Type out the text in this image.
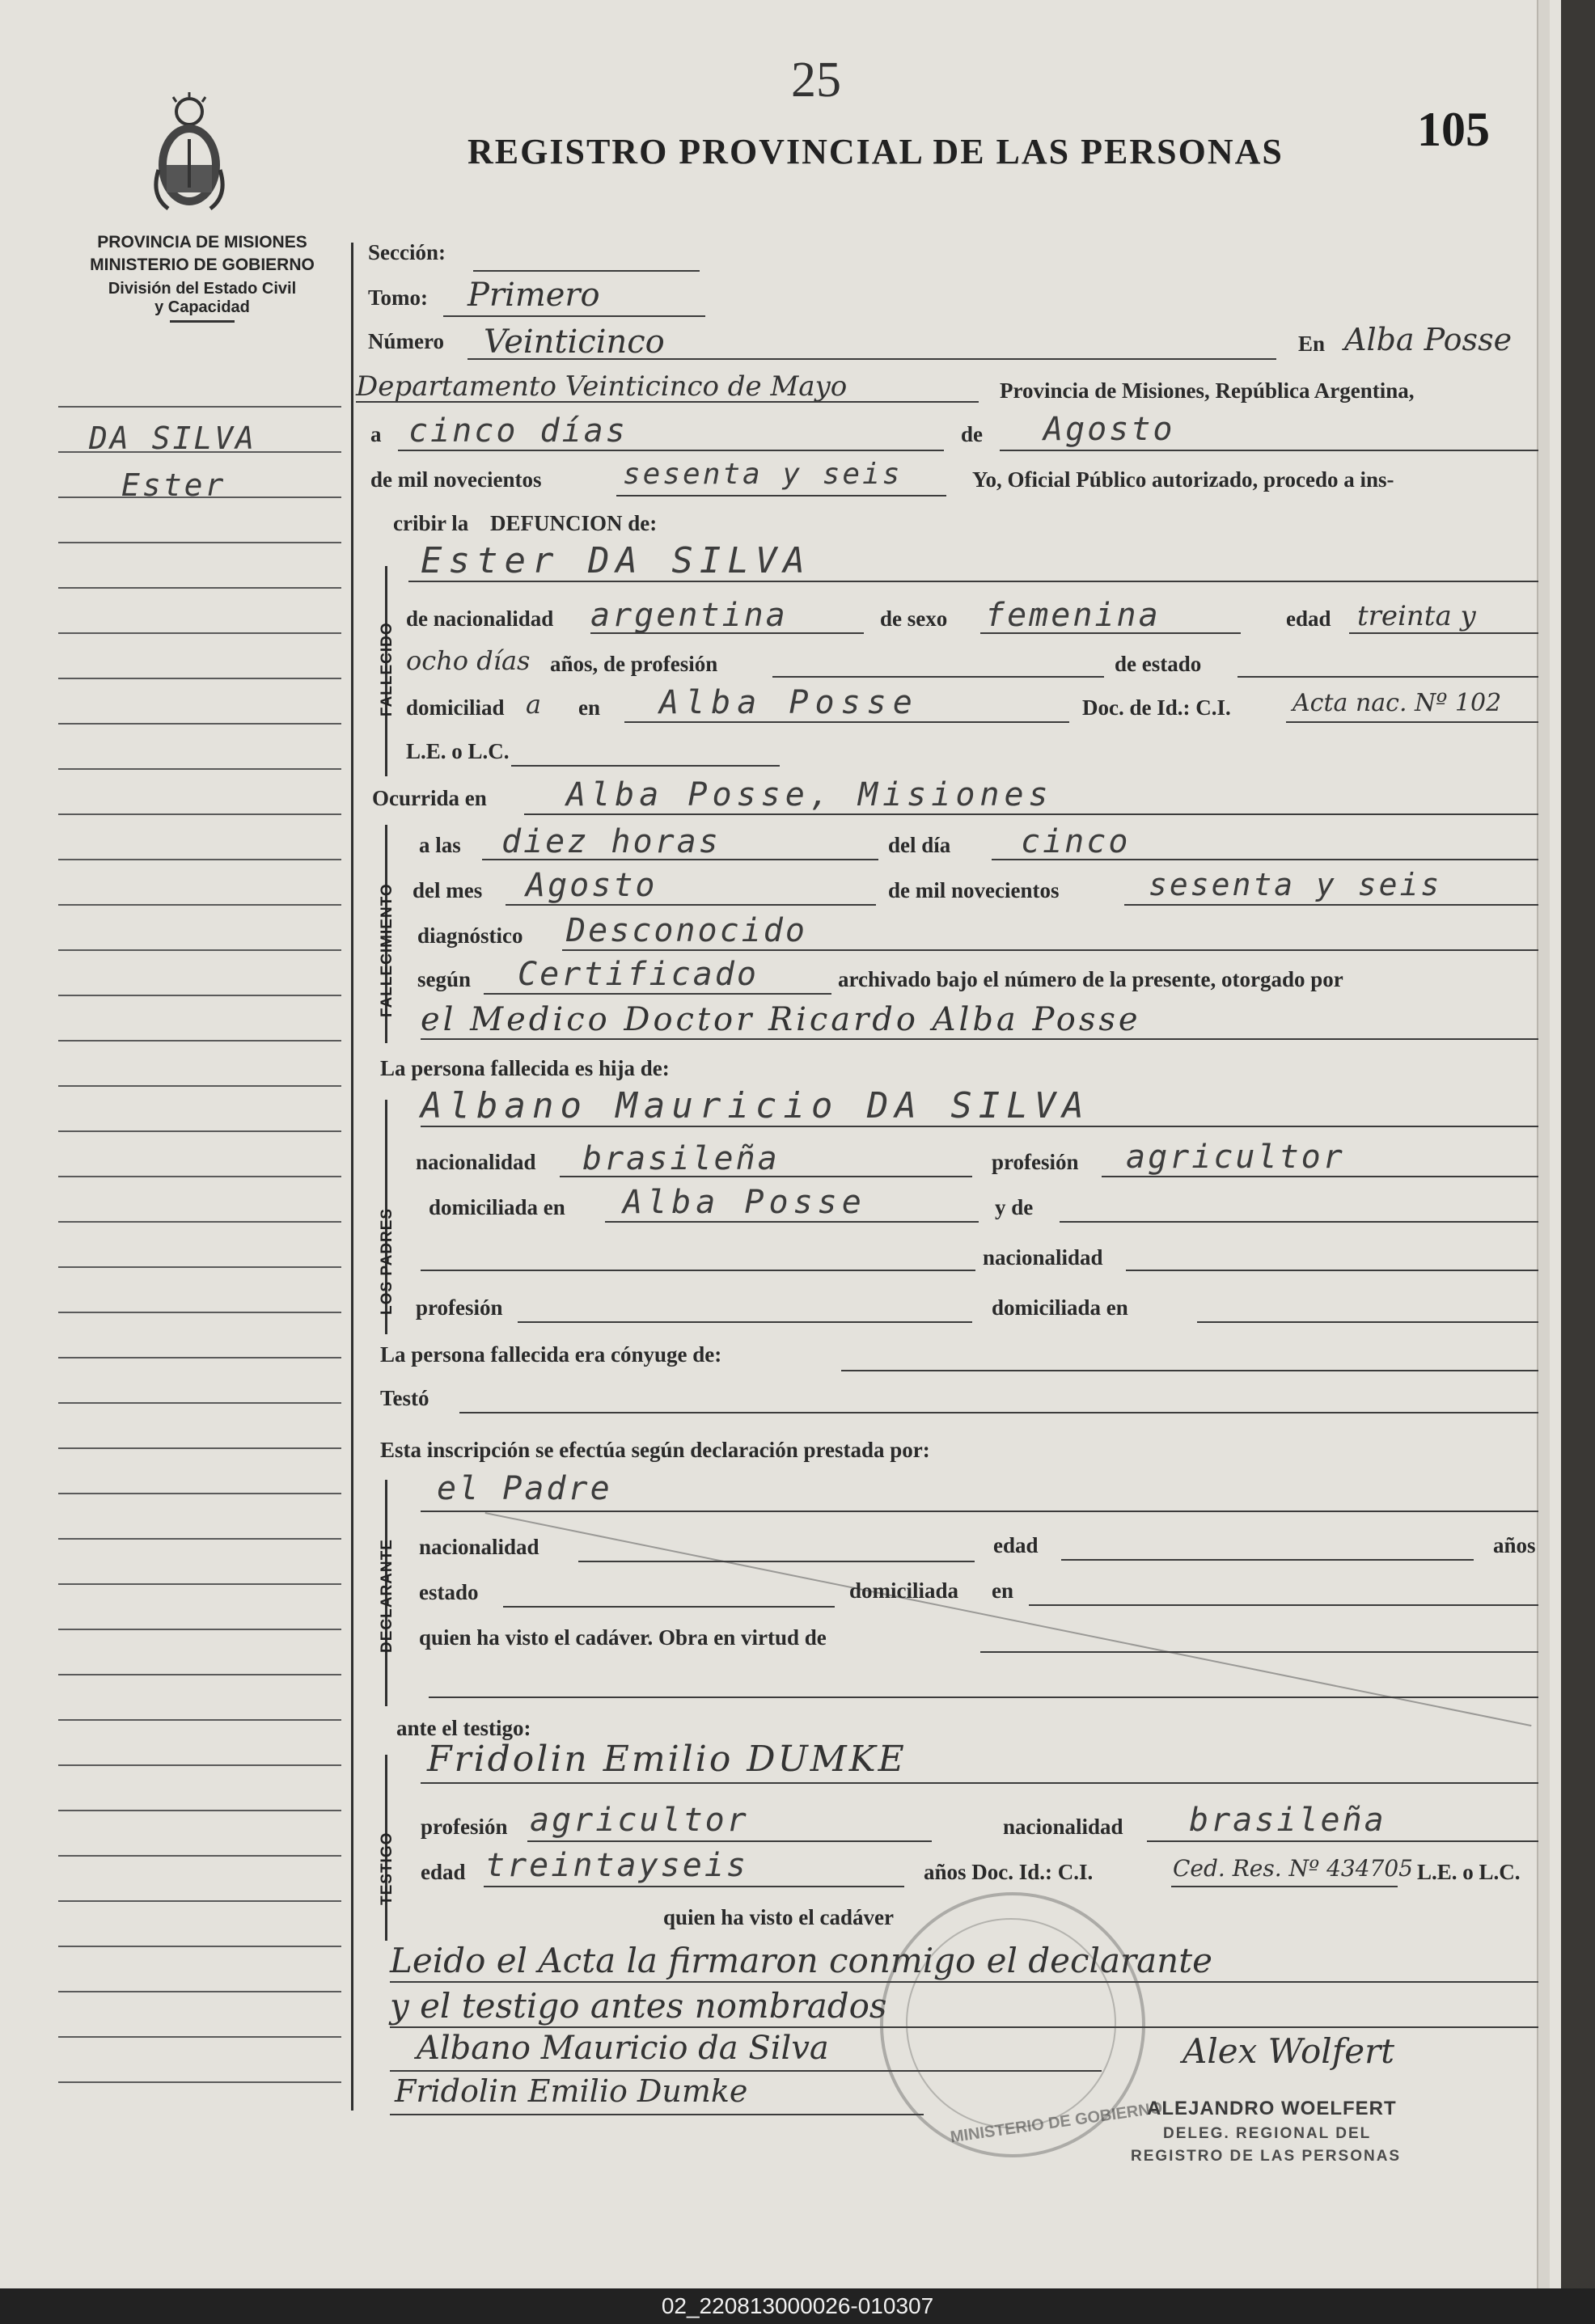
PROVINCIA DE MISIONES
MINISTERIO DE GOBIERNO
División del Estado Civil
y Capacidad
25
REGISTRO PROVINCIAL DE LAS PERSONAS	105
DA SILVA
Ester
Sección:
Tomo: Primero
Número Veinticinco	En Alba Posse
Departamento Veinticinco de Mayo	Provincia de Misiones, República Argentina,
a cinco días	de Agosto
de mil novecientos	sesenta y seis	Yo, Oficial Público autorizado, procedo a ins-
cribir la DEFUNCION de:
FALLECIDO
Ester DA SILVA
de nacionalidad argentina	de sexo femenina	edad treinta y
ocho días años, de profesión	de estado
domiciliad a en Alba Posse	Doc. de Id.: C.I.	Acta nac. Nº 102
L.E. o L.C.
Ocurrida en Alba Posse, Misiones
FALLECIMIENTO
a las diez horas	del día cinco
del mes Agosto	de mil novecientos	sesenta y seis
diagnóstico Desconocido
según Certificado	archivado bajo el número de la presente, otorgado por
el Medico Doctor Ricardo Alba Posse
La persona fallecida es hija de:
LOS PADRES
Albano Mauricio DA SILVA
nacionalidad brasileña	profesión agricultor
domiciliada en Alba Posse	y de
nacionalidad
profesión	domiciliada en
La persona fallecida era cónyuge de:
Testó
Esta inscripción se efectúa según declaración prestada por:
DECLARANTE
el Padre
nacionalidad	edad	años
estado	domiciliada en
quien ha visto el cadáver. Obra en virtud de
ante el testigo:
TESTIGO
Fridolin Emilio DUMKE
profesión agricultor	nacionalidad brasileña
edad treintayseis	años Doc. Id.: C.I.	Ced. Res. Nº 434705 L.E. o L.C.
quien ha visto el cadáver
Leido el Acta la firmaron conmigo el declarante
y el testigo antes nombrados
Albano Mauricio da Silva
Fridolin Emilio Dumke
MINISTERIO DE GOBIERNO
Alex Wolfert
ALEJANDRO WOELFERT
DELEG. REGIONAL DEL
REGISTRO DE LAS PERSONAS
02_220813000026-010307
